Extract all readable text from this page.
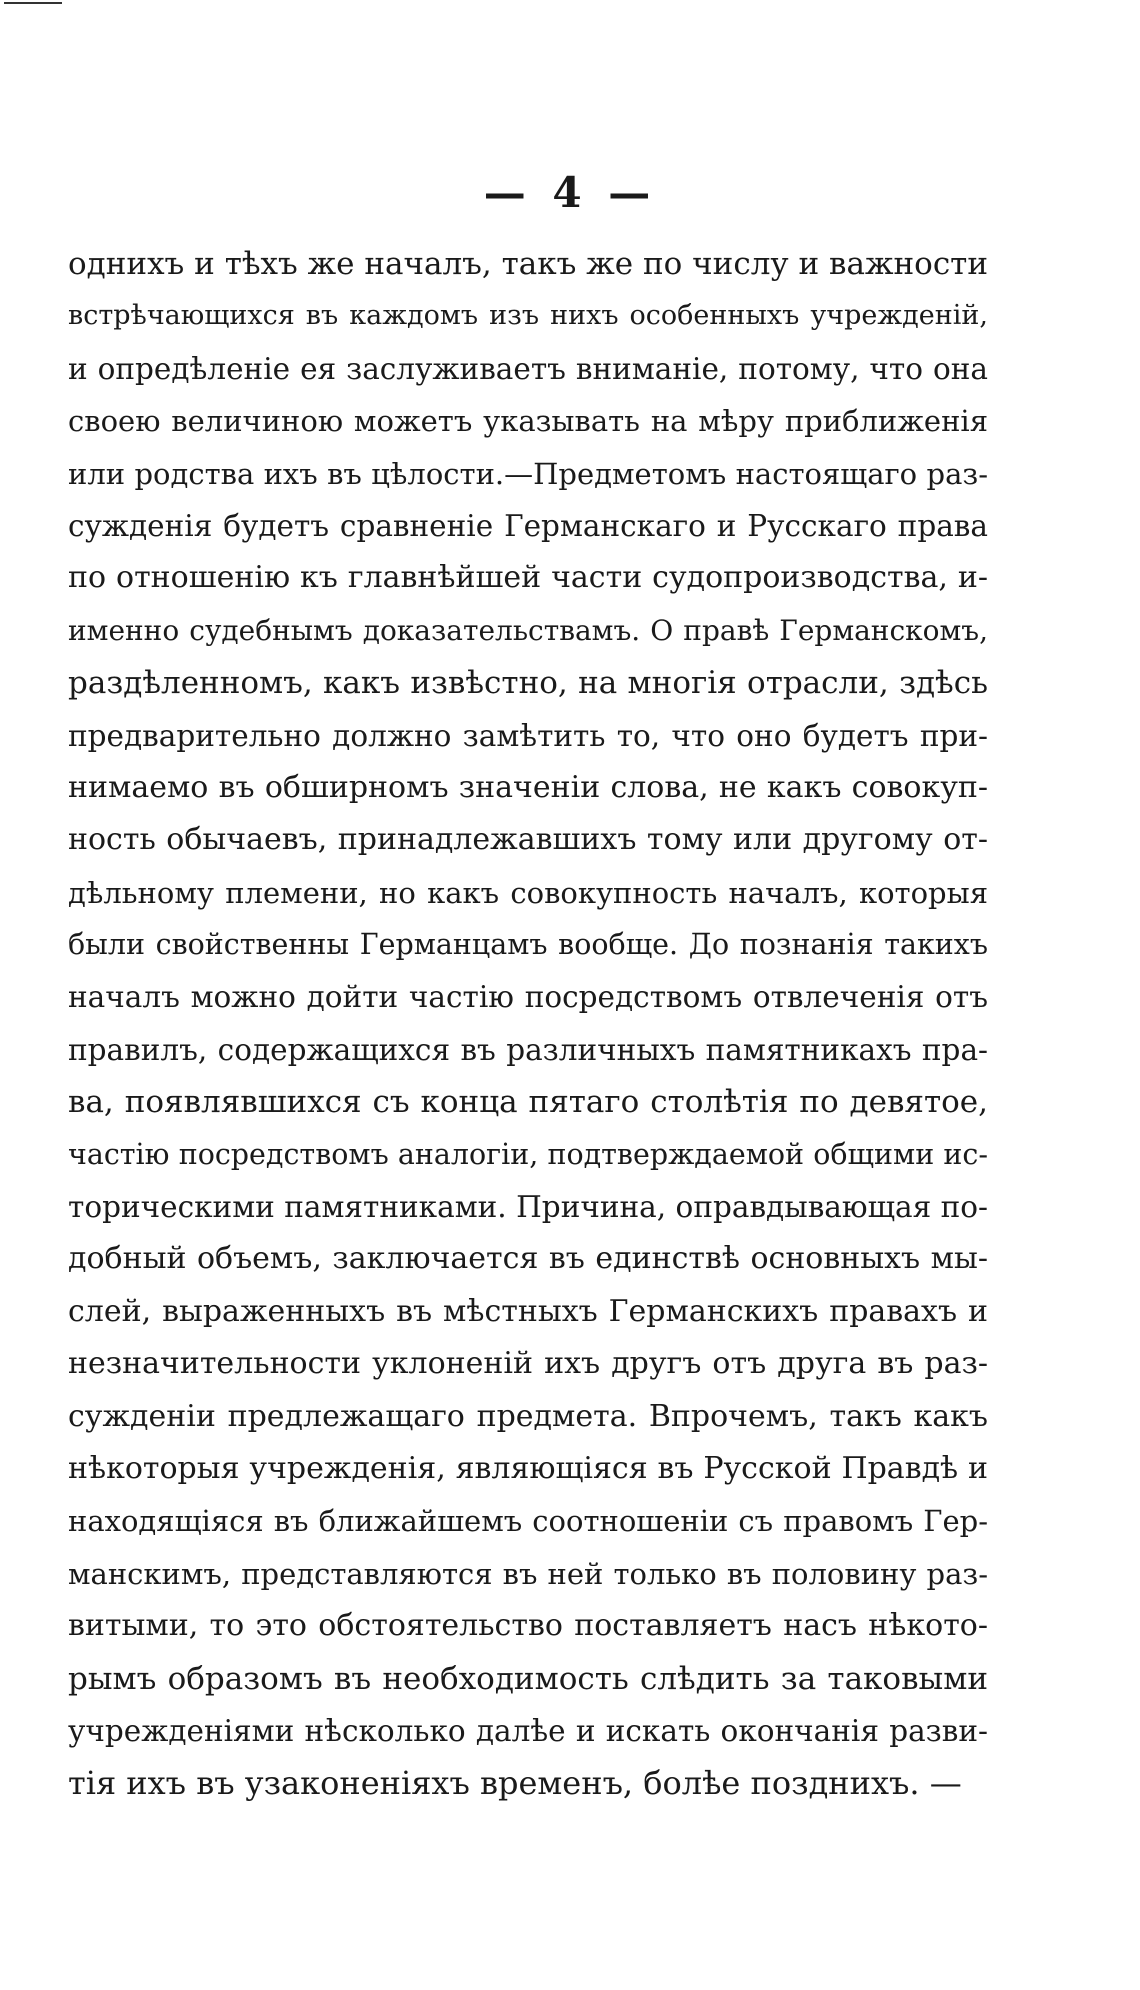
— 4 —
однихъ и тѣхъ же началъ, такъ же по числу и важности
встрѣчающихся въ каждомъ изъ нихъ особенныхъ учрежденій,
и опредѣленіе ея заслуживаетъ вниманіе, потому, что она
своею величиною можетъ указывать на мѣру приближенія
или родства ихъ въ цѣлости.—Предметомъ настоящаго раз-
сужденія будетъ сравненіе Германскаго и Русскаго права
по отношенію къ главнѣйшей части судопроизводства, и-
именно судебнымъ доказательствамъ. О правѣ Германскомъ,
раздѣленномъ, какъ извѣстно, на многія отрасли, здѣсь
предварительно должно замѣтить то, что оно будетъ при-
нимаемо въ обширномъ значеніи слова, не какъ совокуп-
ность обычаевъ, принадлежавшихъ тому или другому от-
дѣльному племени, но какъ совокупность началъ, которыя
были свойственны Германцамъ вообще. До познанія такихъ
началъ можно дойти частію посредствомъ отвлеченія отъ
правилъ, содержащихся въ различныхъ памятникахъ пра-
ва, появлявшихся съ конца пятаго столѣтія по девятое,
частію посредствомъ аналогіи, подтверждаемой общими ис-
торическими памятниками. Причина, оправдывающая по-
добный объемъ, заключается въ единствѣ основныхъ мы-
слей, выраженныхъ въ мѣстныхъ Германскихъ правахъ и
незначительности уклоненій ихъ другъ отъ друга въ раз-
сужденіи предлежащаго предмета. Впрочемъ, такъ какъ
нѣкоторыя учрежденія, являющіяся въ Русской Правдѣ и
находящіяся въ ближайшемъ соотношеніи съ правомъ Гер-
манскимъ, представляются въ ней только въ половину раз-
витыми, то это обстоятельство поставляетъ насъ нѣкото-
рымъ образомъ въ необходимость слѣдить за таковыми
учрежденіями нѣсколько далѣе и искать окончанія разви-
тія ихъ въ узаконеніяхъ временъ, болѣе позднихъ. —
